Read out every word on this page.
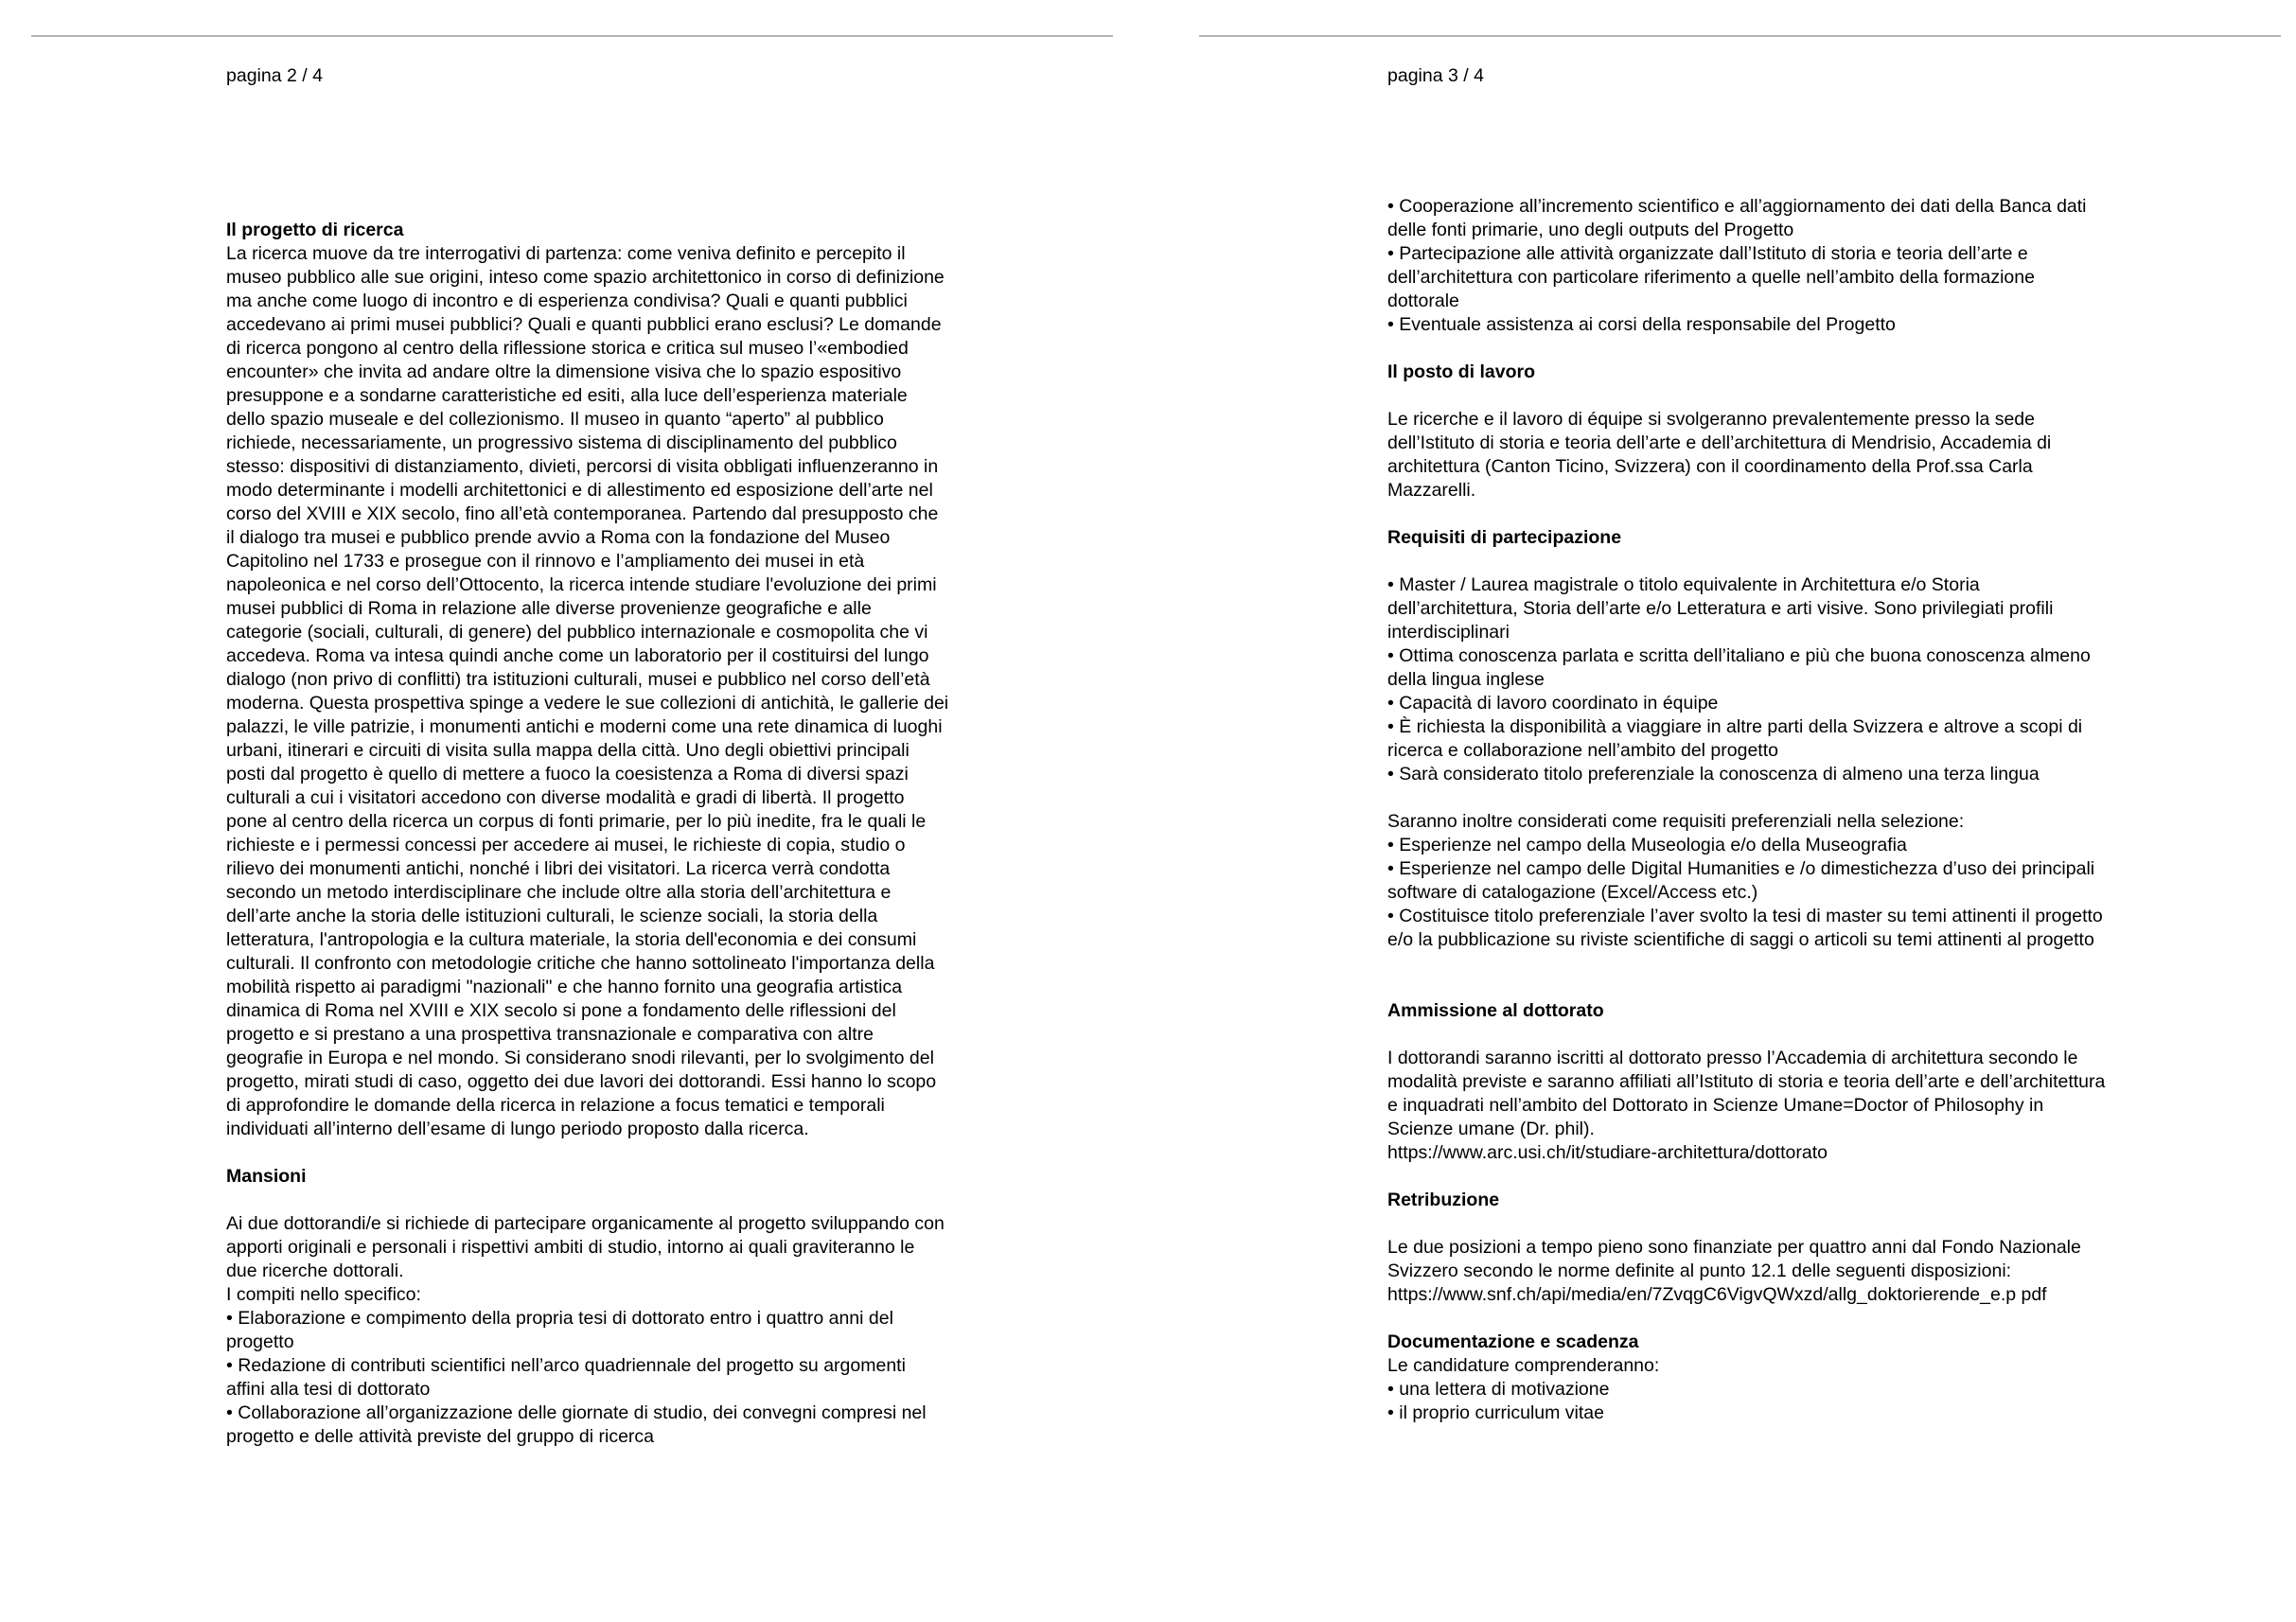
pagina 2 / 4
Il progetto di ricerca
La ricerca muove da tre interrogativi di partenza: come veniva definito e percepito il
museo pubblico alle sue origini, inteso come spazio architettonico in corso di definizione
ma anche come luogo di incontro e di esperienza condivisa? Quali e quanti pubblici
accedevano ai primi musei pubblici? Quali e quanti pubblici erano esclusi? Le domande
di ricerca pongono al centro della riflessione storica e critica sul museo l’«embodied
encounter» che invita ad andare oltre la dimensione visiva che lo spazio espositivo
presuppone e a sondarne caratteristiche ed esiti, alla luce dell’esperienza materiale
dello spazio museale e del collezionismo. Il museo in quanto “aperto” al pubblico
richiede, necessariamente, un progressivo sistema di disciplinamento del pubblico
stesso: dispositivi di distanziamento, divieti, percorsi di visita obbligati influenzeranno in
modo determinante i modelli architettonici e di allestimento ed esposizione dell’arte nel
corso del XVIII e XIX secolo, fino all’età contemporanea. Partendo dal presupposto che
il dialogo tra musei e pubblico prende avvio a Roma con la fondazione del Museo
Capitolino nel 1733 e prosegue con il rinnovo e l’ampliamento dei musei in età
napoleonica e nel corso dell’Ottocento, la ricerca intende studiare l'evoluzione dei primi
musei pubblici di Roma in relazione alle diverse provenienze geografiche e alle
categorie (sociali, culturali, di genere) del pubblico internazionale e cosmopolita che vi
accedeva. Roma va intesa quindi anche come un laboratorio per il costituirsi del lungo
dialogo (non privo di conflitti) tra istituzioni culturali, musei e pubblico nel corso dell’età
moderna. Questa prospettiva spinge a vedere le sue collezioni di antichità, le gallerie dei
palazzi, le ville patrizie, i monumenti antichi e moderni come una rete dinamica di luoghi
urbani, itinerari e circuiti di visita sulla mappa della città. Uno degli obiettivi principali
posti dal progetto è quello di mettere a fuoco la coesistenza a Roma di diversi spazi
culturali a cui i visitatori accedono con diverse modalità e gradi di libertà. Il progetto
pone al centro della ricerca un corpus di fonti primarie, per lo più inedite, fra le quali le
richieste e i permessi concessi per accedere ai musei, le richieste di copia, studio o
rilievo dei monumenti antichi, nonché i libri dei visitatori. La ricerca verrà condotta
secondo un metodo interdisciplinare che include oltre alla storia dell’architettura e
dell’arte anche la storia delle istituzioni culturali, le scienze sociali, la storia della
letteratura, l'antropologia e la cultura materiale, la storia dell'economia e dei consumi
culturali. Il confronto con metodologie critiche che hanno sottolineato l'importanza della
mobilità rispetto ai paradigmi "nazionali" e che hanno fornito una geografia artistica
dinamica di Roma nel XVIII e XIX secolo si pone a fondamento delle riflessioni del
progetto e si prestano a una prospettiva transnazionale e comparativa con altre
geografie in Europa e nel mondo. Si considerano snodi rilevanti, per lo svolgimento del
progetto, mirati studi di caso, oggetto dei due lavori dei dottorandi. Essi hanno lo scopo
di approfondire le domande della ricerca in relazione a focus tematici e temporali
individuati all’interno dell’esame di lungo periodo proposto dalla ricerca.
Mansioni
Ai due dottorandi/e si richiede di partecipare organicamente al progetto sviluppando con
apporti originali e personali i rispettivi ambiti di studio, intorno ai quali graviteranno le
due ricerche dottorali.
I compiti nello specifico:
• Elaborazione e compimento della propria tesi di dottorato entro i quattro anni del
progetto
• Redazione di contributi scientifici nell’arco quadriennale del progetto su argomenti
affini alla tesi di dottorato
• Collaborazione all’organizzazione delle giornate di studio, dei convegni compresi nel
progetto e delle attività previste del gruppo di ricerca
pagina 3 / 4
• Cooperazione all’incremento scientifico e all’aggiornamento dei dati della Banca dati
delle fonti primarie, uno degli outputs del Progetto
• Partecipazione alle attività organizzate dall’Istituto di storia e teoria dell’arte e
dell’architettura con particolare riferimento a quelle nell’ambito della formazione
dottorale
• Eventuale assistenza ai corsi della responsabile del Progetto
Il posto di lavoro
Le ricerche e il lavoro di équipe si svolgeranno prevalentemente presso la sede
dell’Istituto di storia e teoria dell’arte e dell’architettura di Mendrisio, Accademia di
architettura (Canton Ticino, Svizzera) con il coordinamento della Prof.ssa Carla
Mazzarelli.
Requisiti di partecipazione
• Master / Laurea magistrale o titolo equivalente in Architettura e/o Storia
dell’architettura, Storia dell’arte e/o Letteratura e arti visive. Sono privilegiati profili
interdisciplinari
• Ottima conoscenza parlata e scritta dell’italiano e più che buona conoscenza almeno
della lingua inglese
• Capacità di lavoro coordinato in équipe
• È richiesta la disponibilità a viaggiare in altre parti della Svizzera e altrove a scopi di
ricerca e collaborazione nell’ambito del progetto
• Sarà considerato titolo preferenziale la conoscenza di almeno una terza lingua
Saranno inoltre considerati come requisiti preferenziali nella selezione:
• Esperienze nel campo della Museologia e/o della Museografia
• Esperienze nel campo delle Digital Humanities e /o dimestichezza d’uso dei principali
software di catalogazione (Excel/Access etc.)
• Costituisce titolo preferenziale l’aver svolto la tesi di master su temi attinenti il progetto
e/o la pubblicazione su riviste scientifiche di saggi o articoli su temi attinenti al progetto
Ammissione al dottorato
I dottorandi saranno iscritti al dottorato presso l’Accademia di architettura secondo le
modalità previste e saranno affiliati all’Istituto di storia e teoria dell’arte e dell’architettura
e inquadrati nell’ambito del Dottorato in Scienze Umane=Doctor of Philosophy in
Scienze umane (Dr. phil).
https://www.arc.usi.ch/it/studiare-architettura/dottorato
Retribuzione
Le due posizioni a tempo pieno sono finanziate per quattro anni dal Fondo Nazionale
Svizzero secondo le norme definite al punto 12.1 delle seguenti disposizioni:
https://www.snf.ch/api/media/en/7ZvqgC6VigvQWxzd/allg_doktorierende_e.p pdf
Documentazione e scadenza
Le candidature comprenderanno:
• una lettera di motivazione
• il proprio curriculum vitae
